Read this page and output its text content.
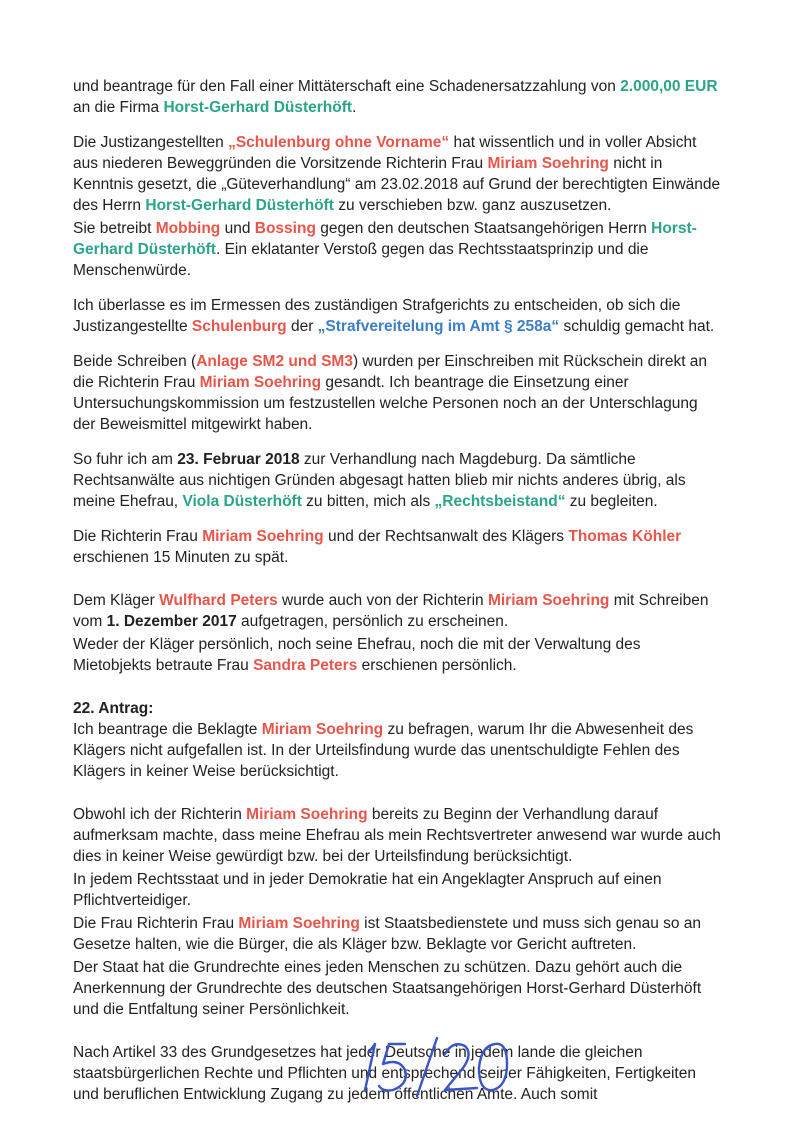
und beantrage für den Fall einer Mittäterschaft eine Schadenersatzzahlung von 2.000,00 EUR an die Firma Horst-Gerhard Düsterhöft.

Die Justizangestellten „Schulenburg ohne Vorname“ hat wissentlich und in voller Absicht aus niederen Beweggründen die Vorsitzende Richterin Frau Miriam Soehring nicht in Kenntnis gesetzt, die „Güteverhandlung“ am 23.02.2018 auf Grund der berechtigten Einwände des Herrn Horst-Gerhard Düsterhöft zu verschieben bzw. ganz auszusetzen.

Sie betreibt Mobbing und Bossing gegen den deutschen Staatsangehörigen Herrn Horst-Gerhard Düsterhöft. Ein eklatanter Verstoß gegen das Rechtsstaatsprinzip und die Menschenwürde.

Ich überlasse es im Ermessen des zuständigen Strafgerichts zu entscheiden, ob sich die Justizangestellte Schulenburg der „Strafvereitelung im Amt § 258a“ schuldig gemacht hat.

Beide Schreiben (Anlage SM2 und SM3) wurden per Einschreiben mit Rückschein direkt an die Richterin Frau Miriam Soehring gesandt. Ich beantrage die Einsetzung einer Untersuchungskommission um festzustellen welche Personen noch an der Unterschlagung der Beweismittel mitgewirkt haben.

So fuhr ich am 23. Februar 2018 zur Verhandlung nach Magdeburg. Da sämtliche Rechtsanwälte aus nichtigen Gründen abgesagt hatten blieb mir nichts anderes übrig, als meine Ehefrau, Viola Düsterhöft zu bitten, mich als „Rechtsbeistand“ zu begleiten.

Die Richterin Frau Miriam Soehring und der Rechtsanwalt des Klägers Thomas Köhler erschienen 15 Minuten zu spät.

Dem Kläger Wulfhard Peters wurde auch von der Richterin Miriam Soehring mit Schreiben vom 1. Dezember 2017 aufgetragen, persönlich zu erscheinen.

Weder der Kläger persönlich, noch seine Ehefrau, noch die mit der Verwaltung des Mietobjekts betraute Frau Sandra Peters erschienen persönlich.

22. Antrag:

Ich beantrage die Beklagte Miriam Soehring zu befragen, warum Ihr die Abwesenheit des Klägers nicht aufgefallen ist. In der Urteilsfindung wurde das unentschuldigte Fehlen des Klägers in keiner Weise berücksichtigt.

Obwohl ich der Richterin Miriam Soehring bereits zu Beginn der Verhandlung darauf aufmerksam machte, dass meine Ehefrau als mein Rechtsvertreter anwesend war wurde auch dies in keiner Weise gewürdigt bzw. bei der Urteilsfindung berücksichtigt.

In jedem Rechtsstaat und in jeder Demokratie hat ein Angeklagter Anspruch auf einen Pflichtverteidiger.

Die Frau Richterin Frau Miriam Soehring ist Staatsbedienstete und muss sich genau so an Gesetze halten, wie die Bürger, die als Kläger bzw. Beklagte vor Gericht auftreten.

Der Staat hat die Grundrechte eines jeden Menschen zu schützen. Dazu gehört auch die Anerkennung der Grundrechte des deutschen Staatsangehörigen Horst-Gerhard Düsterhöft und die Entfaltung seiner Persönlichkeit.

Nach Artikel 33 des Grundgesetzes hat jeder Deutsche in jedem lande die gleichen staatsbürgerlichen Rechte und Pflichten und entsprechend seiner Fähigkeiten, Fertigkeiten und beruflichen Entwicklung Zugang zu jedem öffentlichen Amte. Auch somit
